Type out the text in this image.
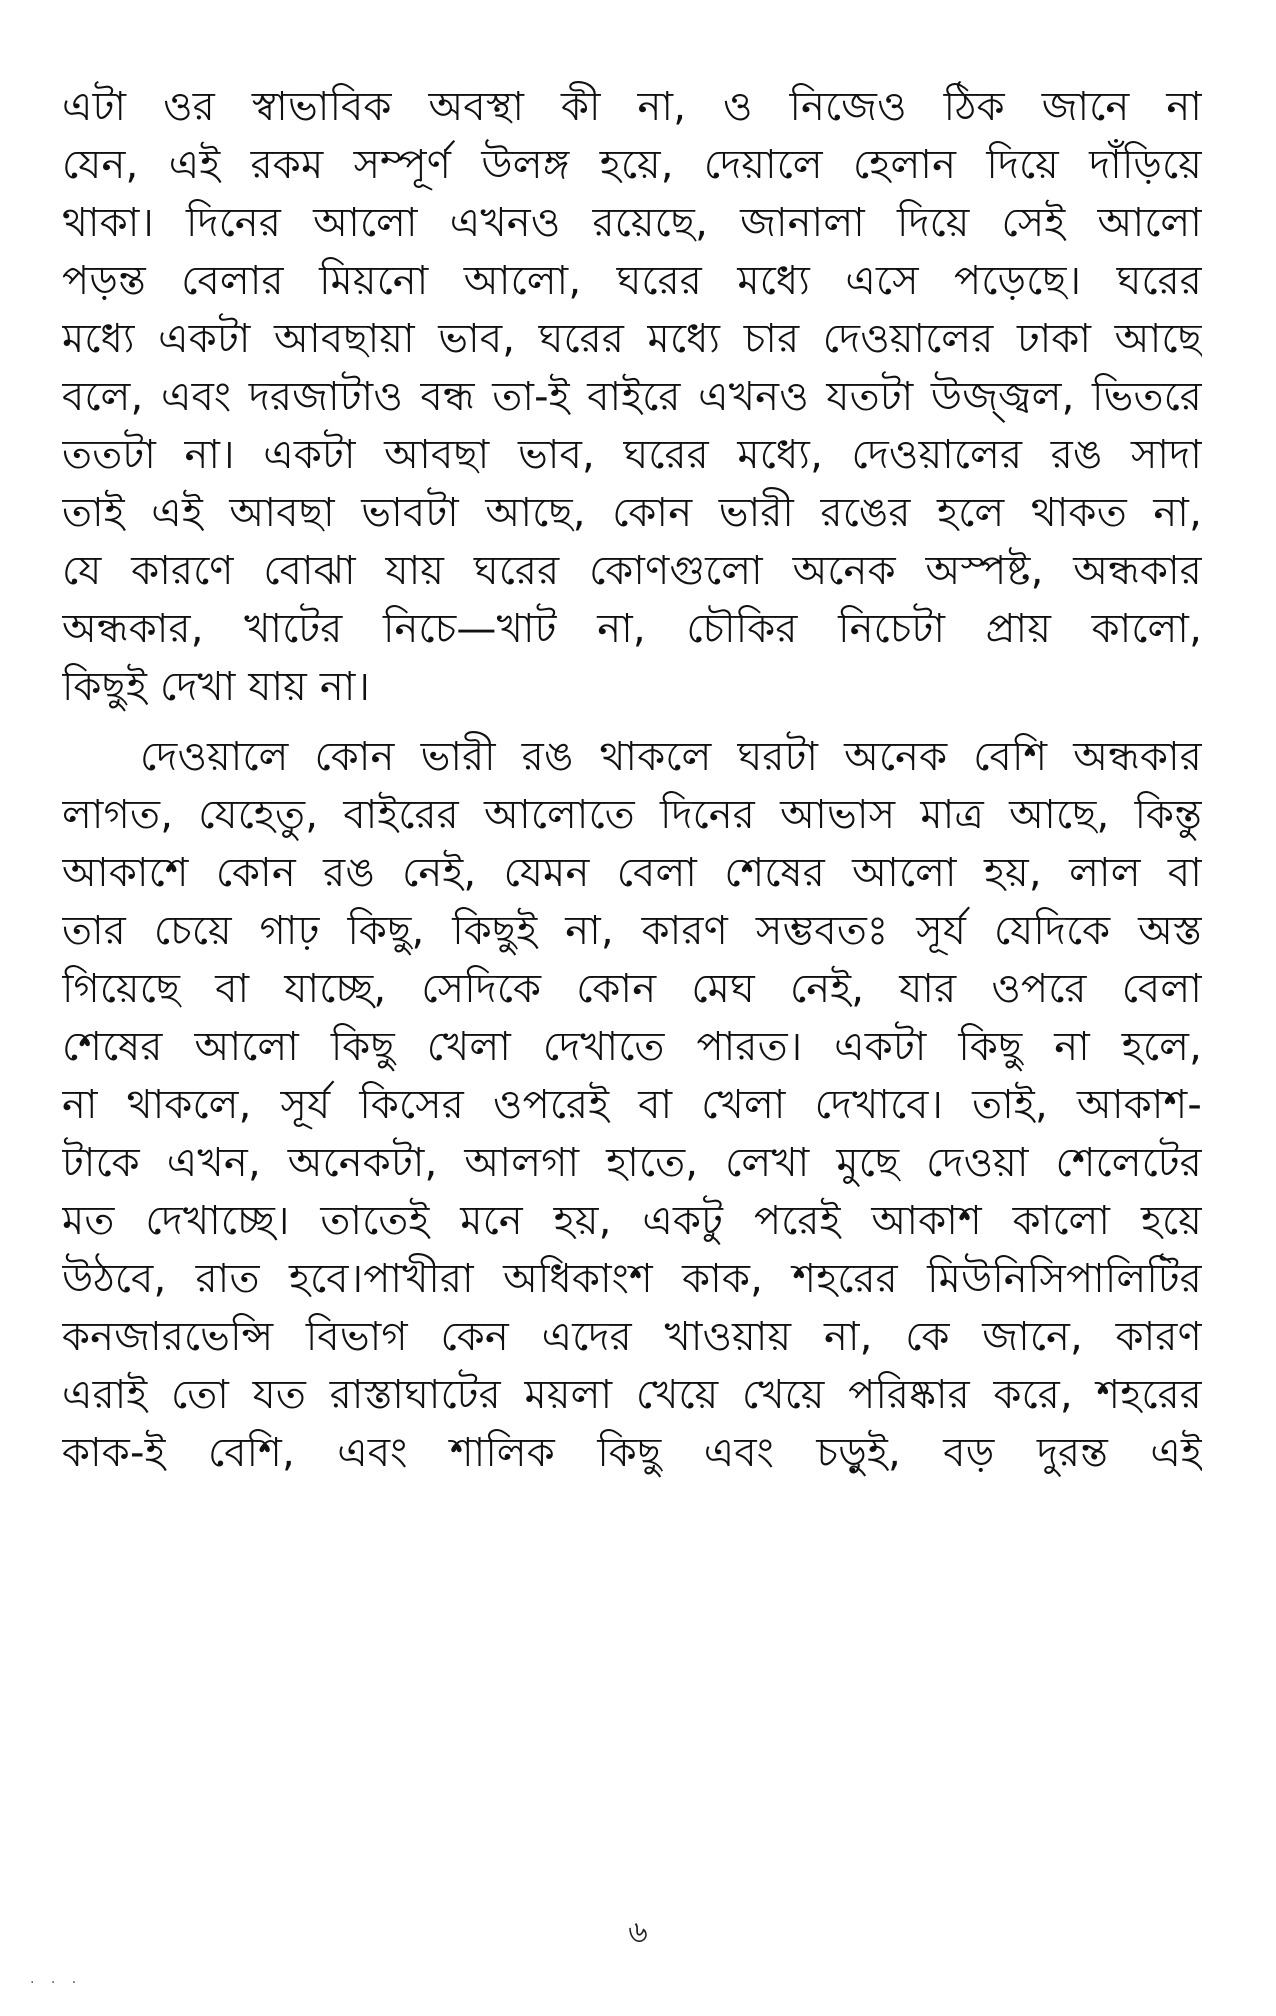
এটা ওর স্বাভাবিক অবস্থা কী না, ও নিজেও ঠিক জানে না
যেন, এই রকম সম্পূর্ণ উলঙ্গ হয়ে, দেয়ালে হেলান দিয়ে দাঁড়িয়ে
থাকা। দিনের আলো এখনও রয়েছে, জানালা দিয়ে সেই আলো
পড়ন্ত বেলার মিয়নো আলো, ঘরের মধ্যে এসে পড়েছে। ঘরের
মধ্যে একটা আবছায়া ভাব, ঘরের মধ্যে চার দেওয়ালের ঢাকা আছে
বলে, এবং দরজাটাও বন্ধ তা-ই বাইরে এখনও যতটা উজ্জ্বল, ভিতরে
ততটা না। একটা আবছা ভাব, ঘরের মধ্যে, দেওয়ালের রঙ সাদা
তাই এই আবছা ভাবটা আছে, কোন ভারী রঙের হলে থাকত না,
যে কারণে বোঝা যায় ঘরের কোণগুলো অনেক অস্পষ্ট, অন্ধকার
অন্ধকার, খাটের নিচে—খাট না, চৌকির নিচেটা প্রায় কালো,
কিছুই দেখা যায় না।
দেওয়ালে কোন ভারী রঙ থাকলে ঘরটা অনেক বেশি অন্ধকার
লাগত, যেহেতু, বাইরের আলোতে দিনের আভাস মাত্র আছে, কিন্তু
আকাশে কোন রঙ নেই, যেমন বেলা শেষের আলো হয়, লাল বা
তার চেয়ে গাঢ় কিছু, কিছুই না, কারণ সম্ভবতঃ সূর্য যেদিকে অস্ত
গিয়েছে বা যাচ্ছে, সেদিকে কোন মেঘ নেই, যার ওপরে বেলা
শেষের আলো কিছু খেলা দেখাতে পারত। একটা কিছু না হলে,
না থাকলে, সূর্য কিসের ওপরেই বা খেলা দেখাবে। তাই, আকাশ-
টাকে এখন, অনেকটা, আলগা হাতে, লেখা মুছে দেওয়া শেলেটের
মত দেখাচ্ছে। তাতেই মনে হয়, একটু পরেই আকাশ কালো হয়ে
উঠবে, রাত হবে।পাখীরা অধিকাংশ কাক, শহরের মিউনিসিপালিটির
কনজারভেন্সি বিভাগ কেন এদের খাওয়ায় না, কে জানে, কারণ
এরাই তো যত রাস্তাঘাটের ময়লা খেয়ে খেয়ে পরিষ্কার করে, শহরের
কাক-ই বেশি, এবং শালিক কিছু এবং চড়ুই, বড় দুরন্ত এই
৬
· · ·
